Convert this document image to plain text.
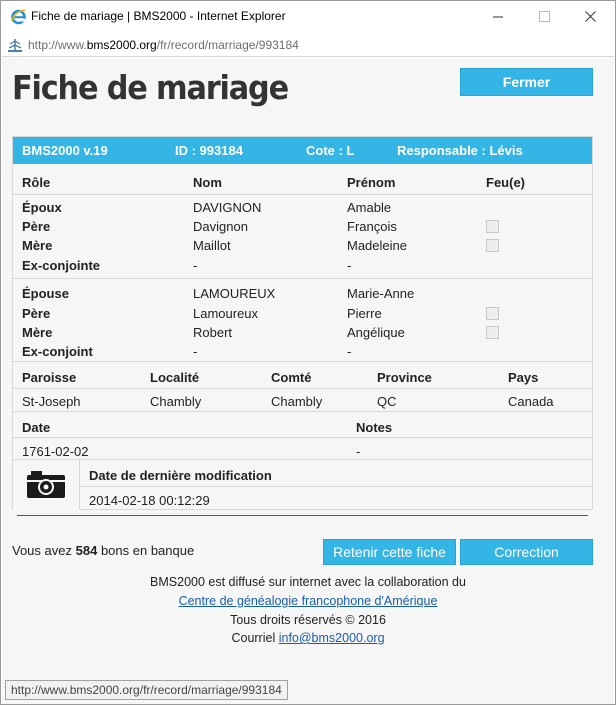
Fiche de mariage | BMS2000 - Internet Explorer
http://www.bms2000.org/fr/record/marriage/993184
Fiche de mariage	Fermer
BMS2000 v.19	ID : 993184	Cote : L	Responsable : Lévis
Rôle	Nom	Prénom	Feu(e)
Époux	DAVIGNON	Amable
Père	Davignon	François
Mère	Maillot	Madeleine
Ex-conjointe	-	-
Épouse	LAMOUREUX	Marie-Anne
Père	Lamoureux	Pierre
Mère	Robert	Angélique
Ex-conjoint	-	-
Paroisse	Localité	Comté	Province	Pays
St-Joseph	Chambly	Chambly	QC	Canada
Date	Notes
1761-02-02	-
Date de dernière modification
2014-02-18 00:12:29
Vous avez 584 bons en banque	Retenir cette fiche	Correction
BMS2000 est diffusé sur internet avec la collaboration du
Centre de généalogie francophone d'Amérique
Tous droits réservés © 2016
Courriel info@bms2000.org
http://www.bms2000.org/fr/record/marriage/993184
